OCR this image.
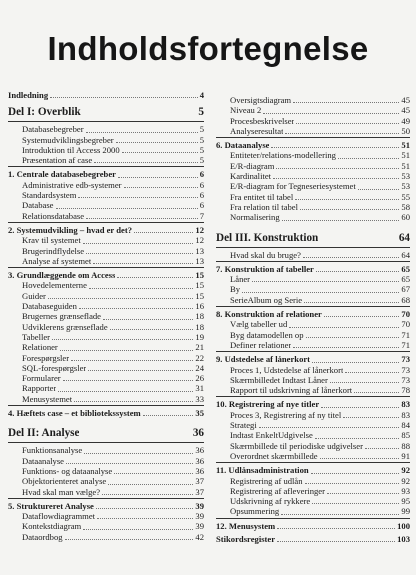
Indholdsfortegnelse
Indledning	4
Del I: Overblik	5
Databasebegreber	5
Systemudviklingsbegreber	5
Introduktion til Access 2000	5
Præsentation af case	5
1. Centrale databasebegreber	6
Administrative edb-systemer	6
Standardsystem	6
Database	6
Relationsdatabase	7
2. Systemudvikling – hvad er det?	12
Krav til systemet	12
Brugerindflydelse	13
Analyse af systemet	13
3. Grundlæggende om Access	15
Hovedelementerne	15
Guider	15
Databaseguiden	16
Brugernes grænseflade	18
Udviklerens grænseflade	18
Tabeller	19
Relationer	21
Forespørgsler	22
SQL-forespørgsler	24
Formularer	26
Rapporter	31
Menusystemet	33
4. Hæftets case – et bibliotekssystem	35
Del II: Analyse	36
Funktionsanalyse	36
Dataanalyse	36
Funktions- og dataanalyse	36
Objektorienteret analyse	37
Hvad skal man vælge?	37
5. Struktureret Analyse	39
Dataflowdiagrammet	39
Kontekstdiagram	39
Dataordbog	42
Oversigtsdiagram	45
Niveau 2	45
Procesbeskrivelser	49
Analyseresultat	50
6. Dataanalyse	51
Entiteter/relations-modellering	51
E/R-diagram	51
Kardinalitet	53
E/R-diagram for Tegneseriesystemet	53
Fra entitet til tabel	55
Fra relation til tabel	58
Normalisering	60
Del III. Konstruktion	64
Hvad skal du bruge?	64
7. Konstruktion af tabeller	65
Låner	65
By	67
SerieAlbum og Serie	68
8. Konstruktion af relationer	70
Vælg tabeller ud	70
Byg datamodellen op	71
Definer relationer	71
9. Udstedelse af lånerkort	73
Proces 1, Udstedelse af lånerkort	73
Skærmbilledet Indtast Låner	73
Rapport til udskrivning af lånerkort	78
10. Registrering af nye titler	83
Proces 3, Registrering af ny titel	83
Strategi	84
Indtast EnkeltUdgivelse	85
Skærmbillede til periodiske udgivelser	88
Overordnet skærmbillede	91
11. Udlånsadministration	92
Registrering af udlån	92
Registrering af afleveringer	93
Udskrivning af rykkere	95
Opsummering	99
12. Menusystem	100
Stikordsregister	103
